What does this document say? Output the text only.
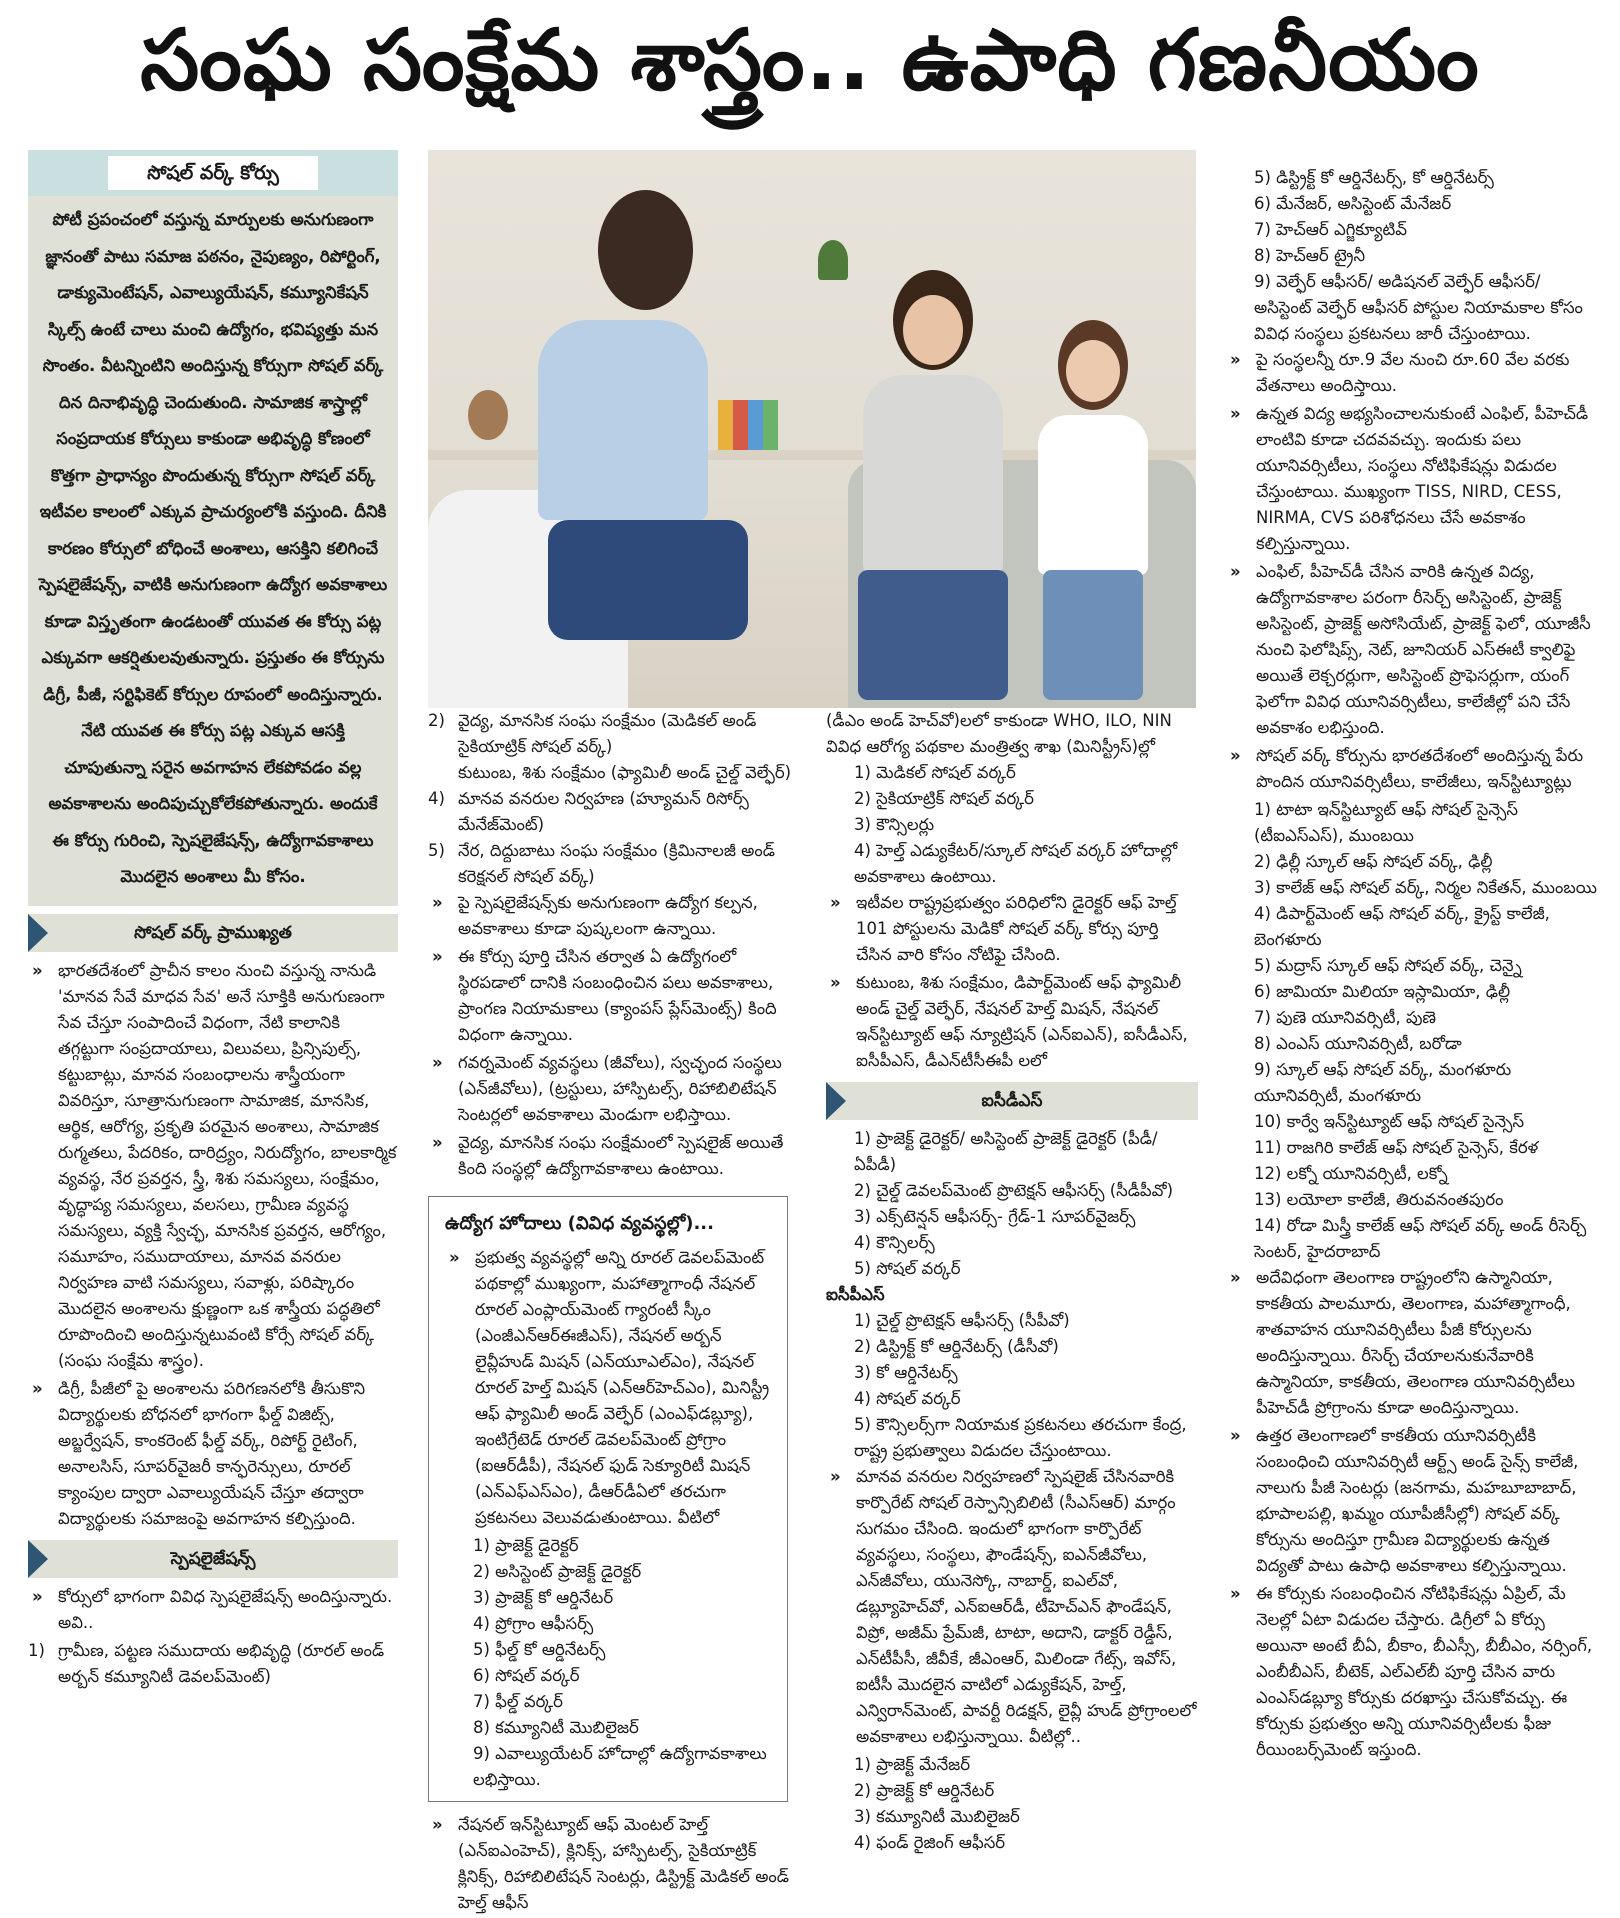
సంఘ సంక్షేమ శాస్త్రం.. ఉపాధి గణనీయం
సోషల్ వర్క్ కోర్సు
పోటీ ప్రపంచంలో వస్తున్న మార్పులకు అనుగుణంగా జ్ఞానంతో పాటు సమాజ పఠనం, నైపుణ్యం, రిపోర్టింగ్, డాక్యుమెంటేషన్, ఎవాల్యుయేషన్, కమ్యూనికేషన్ స్కిల్స్ ఉంటే చాలు మంచి ఉద్యోగం, భవిష్యత్తు మన సొంతం. వీటన్నింటిని అందిస్తున్న కోర్సుగా సోషల్ వర్క్ దిన దినాభివృద్ధి చెందుతుంది. సామాజిక శాస్త్రాల్లో సంప్రదాయక కోర్సులు కాకుండా అభివృద్ధి కోణంలో కొత్తగా ప్రాధాన్యం పొందుతున్న కోర్సుగా సోషల్ వర్క్ ఇటీవల కాలంలో ఎక్కువ ప్రాచుర్యంలోకి వస్తుంది. దీనికి కారణం కోర్సులో బోధించే అంశాలు, ఆసక్తిని కలిగించే స్పెషలైజేషన్స్, వాటికి అనుగుణంగా ఉద్యోగ అవకాశాలు కూడా విస్తృతంగా ఉండటంతో యువత ఈ కోర్సు పట్ల ఎక్కువగా ఆకర్షితులవుతున్నారు. ప్రస్తుతం ఈ కోర్సును డిగ్రీ, పీజీ, సర్టిఫికెట్ కోర్సుల రూపంలో అందిస్తున్నారు. నేటి యువత ఈ కోర్సు పట్ల ఎక్కువ ఆసక్తి చూపుతున్నా సరైన అవగాహన లేకపోవడం వల్ల అవకాశాలను అందిపుచ్చుకోలేకపోతున్నారు. అందుకే ఈ కోర్సు గురించి, స్పెషలైజేషన్స్, ఉద్యోగావకాశాలు మొదలైన అంశాలు మీ కోసం.
సోషల్ వర్క్ ప్రాముఖ్యత
» భారతదేశంలో ప్రాచీన కాలం నుంచి వస్తున్న నానుడి 'మానవ సేవే మాధవ సేవ' అనే సూక్తికి అనుగుణంగా సేవ చేస్తూ సంపాదించే విధంగా, నేటి కాలానికి తగ్గట్టుగా సంప్రదాయాలు, విలువలు, ప్రిన్సిపుల్స్, కట్టుబాట్లు, మానవ సంబంధాలను శాస్త్రీయంగా వివరిస్తూ, సూత్రానుగుణంగా సామాజిక, మానసిక, ఆర్థిక, ఆరోగ్య, ప్రకృతి పరమైన అంశాలు, సామాజిక రుగ్మతలు, పేదరికం, దారిద్ర్యం, నిరుద్యోగం, బాలకార్మిక వ్యవస్థ, నేర ప్రవర్తన, స్త్రీ, శిశు సమస్యలు, సంక్షేమం, వృద్ధాప్య సమస్యలు, వలసలు, గ్రామీణ వ్యవస్థ సమస్యలు, వ్యక్తి స్వేచ్ఛ, మానసిక ప్రవర్తన, ఆరోగ్యం, సమూహం, సముదాయాలు, మానవ వనరుల నిర్వహణ వాటి సమస్యలు, సవాళ్లు, పరిష్కారం మొదలైన అంశాలను క్షుణ్ణంగా ఒక శాస్త్రీయ పద్ధతిలో రూపొందించి అందిస్తున్నటువంటి కోర్సే సోషల్ వర్క్ (సంఘ సంక్షేమ శాస్త్రం).
» డిగ్రీ, పీజీలో పై అంశాలను పరిగణనలోకి తీసుకొని విద్యార్థులకు బోధనలో భాగంగా ఫీల్డ్ విజిట్స్, అబ్జర్వేషన్, కాంకరెంట్ ఫీల్డ్ వర్క్, రిపోర్ట్ రైటింగ్, అనాలసిస్, సూపర్‌వైజరీ కాన్ఫరెన్సులు, రూరల్ క్యాంపుల ద్వారా ఎవాల్యుయేషన్ చేస్తూ తద్వారా విద్యార్థులకు సమాజంపై అవగాహన కల్పిస్తుంది.
స్పెషలైజేషన్స్
» కోర్సులో భాగంగా వివిధ స్పెషలైజేషన్స్ అందిస్తున్నారు. అవి..
1) గ్రామీణ, పట్టణ సముదాయ అభివృద్ధి (రూరల్ అండ్ అర్బన్ కమ్యూనిటీ డెవలప్‌మెంట్)
2) వైద్య, మానసిక సంఘ సంక్షేమం (మెడికల్ అండ్ సైకియాట్రిక్ సోషల్ వర్క్)
కుటుంబ, శిశు సంక్షేమం (ఫ్యామిలీ అండ్ చైల్డ్ వెల్ఫేర్)
4) మానవ వనరుల నిర్వహణ (హ్యూమన్ రిసోర్స్ మేనేజ్‌మెంట్)
5) నేర, దిద్దుబాటు సంఘ సంక్షేమం (క్రిమినాలజీ అండ్ కరెక్షనల్ సోషల్ వర్క్)
» పై స్పెషలైజేషన్స్‌కు అనుగుణంగా ఉద్యోగ కల్పన, అవకాశాలు కూడా పుష్కలంగా ఉన్నాయి.
» ఈ కోర్సు పూర్తి చేసిన తర్వాత ఏ ఉద్యోగంలో స్థిరపడాలో దానికి సంబంధించిన పలు అవకాశాలు, ప్రాంగణ నియామకాలు (క్యాంపస్ ప్లేస్‌మెంట్స్) కింది విధంగా ఉన్నాయి.
» గవర్నమెంట్ వ్యవస్థలు (జీవోలు), స్వచ్ఛంద సంస్థలు (ఎన్‌జీవోలు), (ట్రస్టులు, హాస్పిటల్స్, రిహాబిలిటేషన్ సెంటర్లలో అవకాశాలు మెండుగా లభిస్తాయి.
» వైద్య, మానసిక సంఘ సంక్షేమంలో స్పెషలైజ్ అయితే కింది సంస్థల్లో ఉద్యోగావకాశాలు ఉంటాయి.
ఉద్యోగ హోదాలు (వివిధ వ్యవస్థల్లో)...
» ప్రభుత్వ వ్యవస్థల్లో అన్ని రూరల్ డెవలప్‌మెంట్ పథకాల్లో ముఖ్యంగా, మహాత్మాగాంధీ నేషనల్ రూరల్ ఎంప్లాయ్‌మెంట్ గ్యారంటీ స్కీం (ఎంజీఎన్‌ఆర్ఈజీఎస్), నేషనల్ అర్బన్ లైవ్లీహుడ్ మిషన్ (ఎన్‌యూఎల్ఎం), నేషనల్ రూరల్ హెల్త్ మిషన్ (ఎన్‌ఆర్‌హెచ్ఎం), మినిస్ట్రీ ఆఫ్ ఫ్యామిలీ అండ్ వెల్ఫేర్ (ఎంఎఫ్‌డబ్ల్యూ), ఇంటిగ్రేటెడ్ రూరల్ డెవలప్‌మెంట్ ప్రోగ్రాం (ఐఆర్‌డీపీ), నేషనల్ ఫుడ్ సెక్యూరిటీ మిషన్ (ఎన్ఎఫ్ఎస్ఎం), డీఆర్‌డీఏలో తరచుగా ప్రకటనలు వెలువడుతుంటాయి. వీటిలో
1) ప్రాజెక్ట్ డైరెక్టర్
2) అసిస్టెంట్ ప్రాజెక్ట్ డైరెక్టర్
3) ప్రాజెక్ట్ కో ఆర్డినేటర్
4) ప్రోగ్రాం ఆఫీసర్స్
5) ఫీల్డ్ కో ఆర్డినేటర్స్
6) సోషల్ వర్కర్
7) ఫీల్డ్ వర్కర్
8) కమ్యూనిటీ మొబిలైజర్
9) ఎవాల్యుయేటర్ హోదాల్లో ఉద్యోగావకాశాలు లభిస్తాయి.
» నేషనల్ ఇన్‌స్టిట్యూట్ ఆఫ్ మెంటల్ హెల్త్ (ఎన్ఐఎంహెచ్), క్లినిక్స్, హాస్పిటల్స్, సైకియాట్రిక్ క్లినిక్స్, రిహాబిలిటేషన్ సెంటర్లు, డిస్ట్రిక్ట్ మెడికల్ అండ్ హెల్త్ ఆఫీస్
(డీఎం అండ్ హెచ్‌వో)లలో కాకుండా WHO, ILO, NIN వివిధ ఆరోగ్య పథకాల మంత్రిత్వ శాఖ (మినిస్ట్రీస్)ల్లో
1) మెడికల్ సోషల్ వర్కర్
2) సైకియాట్రిక్ సోషల్ వర్కర్
3) కౌన్సిలర్లు
4) హెల్త్ ఎడ్యుకేటర్/స్కూల్ సోషల్ వర్కర్ హోదాల్లో అవకాశాలు ఉంటాయి.
» ఇటీవల రాష్ట్రప్రభుత్వం పరిధిలోని డైరెక్టర్ ఆఫ్ హెల్త్ 101 పోస్టులను మెడికో సోషల్ వర్క్ కోర్సు పూర్తి చేసిన వారి కోసం నోటిఫై చేసింది.
» కుటుంబ, శిశు సంక్షేమం, డిపార్ట్‌మెంట్ ఆఫ్ ఫ్యామిలీ అండ్ చైల్డ్ వెల్ఫేర్, నేషనల్ హెల్త్ మిషన్, నేషనల్ ఇన్‌స్టిట్యూట్ ఆఫ్ న్యూట్రిషన్ (ఎన్ఐఎన్), ఐసీడీఎస్, ఐసీపీఎస్, డీఎన్‌టీసీఈపీ లలో
ఐసీడీఎస్
1) ప్రాజెక్ట్ డైరెక్టర్/ అసిస్టెంట్ ప్రాజెక్ట్ డైరెక్టర్ (పీడీ/ఏపీడీ)
2) చైల్డ్ డెవలప్‌మెంట్ ప్రొటెక్షన్ ఆఫీసర్స్ (సీడీపీవో)
3) ఎక్స్‌టెన్షన్ ఆఫీసర్స్- గ్రేడ్-1 సూపర్‌వైజర్స్
4) కౌన్సిలర్స్
5) సోషల్ వర్కర్
ఐసీపీఎస్
1) చైల్డ్ ప్రొటెక్షన్ ఆఫీసర్స్ (సీపీవో)
2) డిస్ట్రిక్ట్ కో ఆర్డినేటర్స్ (డీసీవో)
3) కో ఆర్డినేటర్స్
4) సోషల్ వర్కర్
5) కౌన్సిలర్స్‌గా నియామక ప్రకటనలు తరచుగా కేంద్ర, రాష్ట్ర ప్రభుత్వాలు విడుదల చేస్తుంటాయి.
» మానవ వనరుల నిర్వహణలో స్పెషలైజ్ చేసినవారికి కార్పొరేట్ సోషల్ రెస్పాన్సిబిలిటీ (సీఎస్ఆర్) మార్గం సుగమం చేసింది. ఇందులో భాగంగా కార్పొరేట్ వ్యవస్థలు, సంస్థలు, ఫౌండేషన్స్, ఐఎన్‌జీవోలు, ఎన్‌జీవోలు, యునెస్కో, నాబార్డ్, ఐఎల్‌వో, డబ్ల్యూహెచ్‌వో, ఎన్ఐఆర్‌డీ, టీహెచ్ఎన్ ఫౌండేషన్, విప్రో, అజీమ్ ప్రేమ్‌జీ, టాటా, అదాని, డాక్టర్ రెడ్డీస్, ఎన్‌టీపీసీ, జీవీకే, జీఎంఆర్, మిలిండా గేట్స్, ఇవోస్, ఐటీసీ మొదలైన వాటిలో ఎడ్యుకేషన్, హెల్త్, ఎన్విరాన్‌మెంట్, పావర్టీ రిడక్షన్, లైవ్లీ హుడ్ ప్రోగ్రాంలలో అవకాశాలు లభిస్తున్నాయి. వీటిల్లో..
1) ప్రాజెక్ట్ మేనేజర్
2) ప్రాజెక్ట్ కో ఆర్డినేటర్
3) కమ్యూనిటీ మొబిలైజర్
4) ఫండ్ రైజింగ్ ఆఫీసర్
5) డిస్ట్రిక్ట్ కో ఆర్డినేటర్స్, కో ఆర్డినేటర్స్
6) మేనేజర్, అసిస్టెంట్ మేనేజర్
7) హెచ్ఆర్ ఎగ్జిక్యూటివ్
8) హెచ్ఆర్ ట్రైనీ
9) వెల్ఫేర్ ఆఫీసర్/ అడిషనల్ వెల్ఫేర్ ఆఫీసర్/ అసిస్టెంట్ వెల్ఫేర్ ఆఫీసర్ పోస్టుల నియామకాల కోసం వివిధ సంస్థలు ప్రకటనలు జారీ చేస్తుంటాయి.
» పై సంస్థలన్నీ రూ.9 వేల నుంచి రూ.60 వేల వరకు వేతనాలు అందిస్తాయి.
» ఉన్నత విద్య అభ్యసించాలనుకుంటే ఎంఫిల్, పీహెచ్‌డీ లాంటివి కూడా చదవవచ్చు. ఇందుకు పలు యూనివర్సిటీలు, సంస్థలు నోటిఫికేషన్లు విడుదల చేస్తుంటాయి. ముఖ్యంగా TISS, NIRD, CESS, NIRMA, CVS పరిశోధనలు చేసే అవకాశం కల్పిస్తున్నాయి.
» ఎంఫిల్, పీహెచ్‌డీ చేసిన వారికి ఉన్నత విద్య, ఉద్యోగావకాశాల పరంగా రీసెర్చ్ అసిస్టెంట్, ప్రాజెక్ట్ అసిస్టెంట్, ప్రాజెక్ట్ అసోసియేట్, ప్రాజెక్ట్ ఫెలో, యూజీసీ నుంచి ఫెలోషిప్స్, నెట్, జూనియర్ ఎస్ఈటీ క్వాలిఫై అయితే లెక్చరర్లుగా, అసిస్టెంట్ ప్రొఫెసర్లుగా, యంగ్ ఫెలోగా వివిధ యూనివర్సిటీలు, కాలేజీల్లో పని చేసే అవకాశం లభిస్తుంది.
» సోషల్ వర్క్ కోర్సును భారతదేశంలో అందిస్తున్న పేరు పొందిన యూనివర్సిటీలు, కాలేజీలు, ఇన్‌స్టిట్యూట్లు
1) టాటా ఇన్‌స్టిట్యూట్ ఆఫ్ సోషల్ సైన్సెస్ (టీఐఎస్ఎస్), ముంబయి
2) ఢిల్లీ స్కూల్ ఆఫ్ సోషల్ వర్క్, ఢిల్లీ
3) కాలేజ్ ఆఫ్ సోషల్ వర్క్, నిర్మల నికేతన్, ముంబయి
4) డిపార్ట్‌మెంట్ ఆఫ్ సోషల్ వర్క్, క్రైస్ట్ కాలేజీ, బెంగళూరు
5) మద్రాస్ స్కూల్ ఆఫ్ సోషల్ వర్క్, చెన్నై
6) జామియా మిలియా ఇస్లామియా, ఢిల్లీ
7) పుణె యూనివర్సిటీ, పుణె
8) ఎంఎస్ యూనివర్సిటీ, బరోడా
9) స్కూల్ ఆఫ్ సోషల్ వర్క్, మంగళూరు యూనివర్సిటీ, మంగళూరు
10) కార్వే ఇన్‌స్టిట్యూట్ ఆఫ్ సోషల్ సైన్సెస్
11) రాజగిరి కాలేజ్ ఆఫ్ సోషల్ సైన్సెస్, కేరళ
12) లక్నో యూనివర్సిటీ, లక్నో
13) లయోలా కాలేజీ, తిరువనంతపురం
14) రోడా మిస్త్రీ కాలేజ్ ఆఫ్ సోషల్ వర్క్ అండ్ రీసెర్చ్ సెంటర్, హైదరాబాద్
» అదేవిధంగా తెలంగాణ రాష్ట్రంలోని ఉస్మానియా, కాకతీయ పాలమూరు, తెలంగాణ, మహాత్మాగాంధీ, శాతవాహన యూనివర్సిటీలు పీజీ కోర్సులను అందిస్తున్నాయి. రీసెర్చ్ చేయాలనుకునేవారికి ఉస్మానియా, కాకతీయ, తెలంగాణ యూనివర్సిటీలు పీహెచ్‌డీ ప్రోగ్రాంను కూడా అందిస్తున్నాయి.
» ఉత్తర తెలంగాణలో కాకతీయ యూనివర్సిటీకి సంబంధించి యూనివర్సిటీ ఆర్ట్స్ అండ్ సైన్స్ కాలేజీ, నాలుగు పీజీ సెంటర్లు (జనగామ, మహబూబాబాద్, భూపాలపల్లి, ఖమ్మం యూపీజీసీల్లో) సోషల్ వర్క్ కోర్సును అందిస్తూ గ్రామీణ విద్యార్థులకు ఉన్నత విద్యతో పాటు ఉపాధి అవకాశాలు కల్పిస్తున్నాయి.
» ఈ కోర్సుకు సంబంధించిన నోటిఫికేషన్లు ఏప్రిల్, మే నెలల్లో ఏటా విడుదల చేస్తారు. డిగ్రీలో ఏ కోర్సు అయినా అంటే బీఏ, బీకాం, బీఎస్సీ, బీబీఎం, నర్సింగ్, ఎంబీబీఎస్, బీటెక్, ఎల్ఎల్‌బీ పూర్తి చేసిన వారు ఎంఎస్‌డబ్ల్యూ కోర్సుకు దరఖాస్తు చేసుకోవచ్చు. ఈ కోర్సుకు ప్రభుత్వం అన్ని యూనివర్సిటీలకు ఫీజు రీయింబర్స్‌మెంట్ ఇస్తుంది.
